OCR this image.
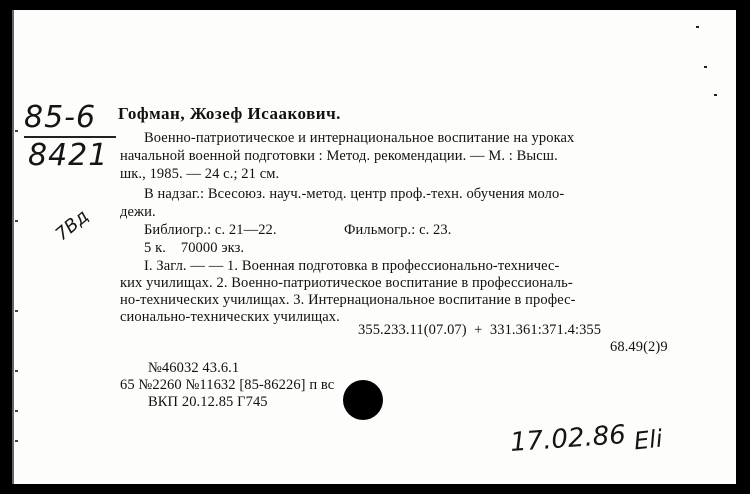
85-6
8421
7Вд
Гофман, Жозеф Исаакович.
Военно-патриотическое и интернациональное воспитание на уроках
начальной военной подготовки : Метод. рекомендации. — М. : Высш.
шк., 1985. — 24 с.; 21 см.
В надзаг.: Всесоюз. науч.-метод. центр проф.-техн. обучения моло-
дежи.
Библиогр.: с. 21—22.	Фильмогр.: с. 23.
5 к.    70000 экз.
I. Загл. — — 1. Военная подготовка в профессионально-техничес-
ких училищах. 2. Военно-патриотическое воспитание в профессиональ-
но-технических училищах. 3. Интернациональное воспитание в профес-
сионально-технических училищах.
355.233.11(07.07)  +  331.361:371.4:355
68.49(2)9
№46032 43.6.1
65 №2260 №11632 [85-86226] п вс
ВКП 20.12.85 Г745
17.02.86 Eli
